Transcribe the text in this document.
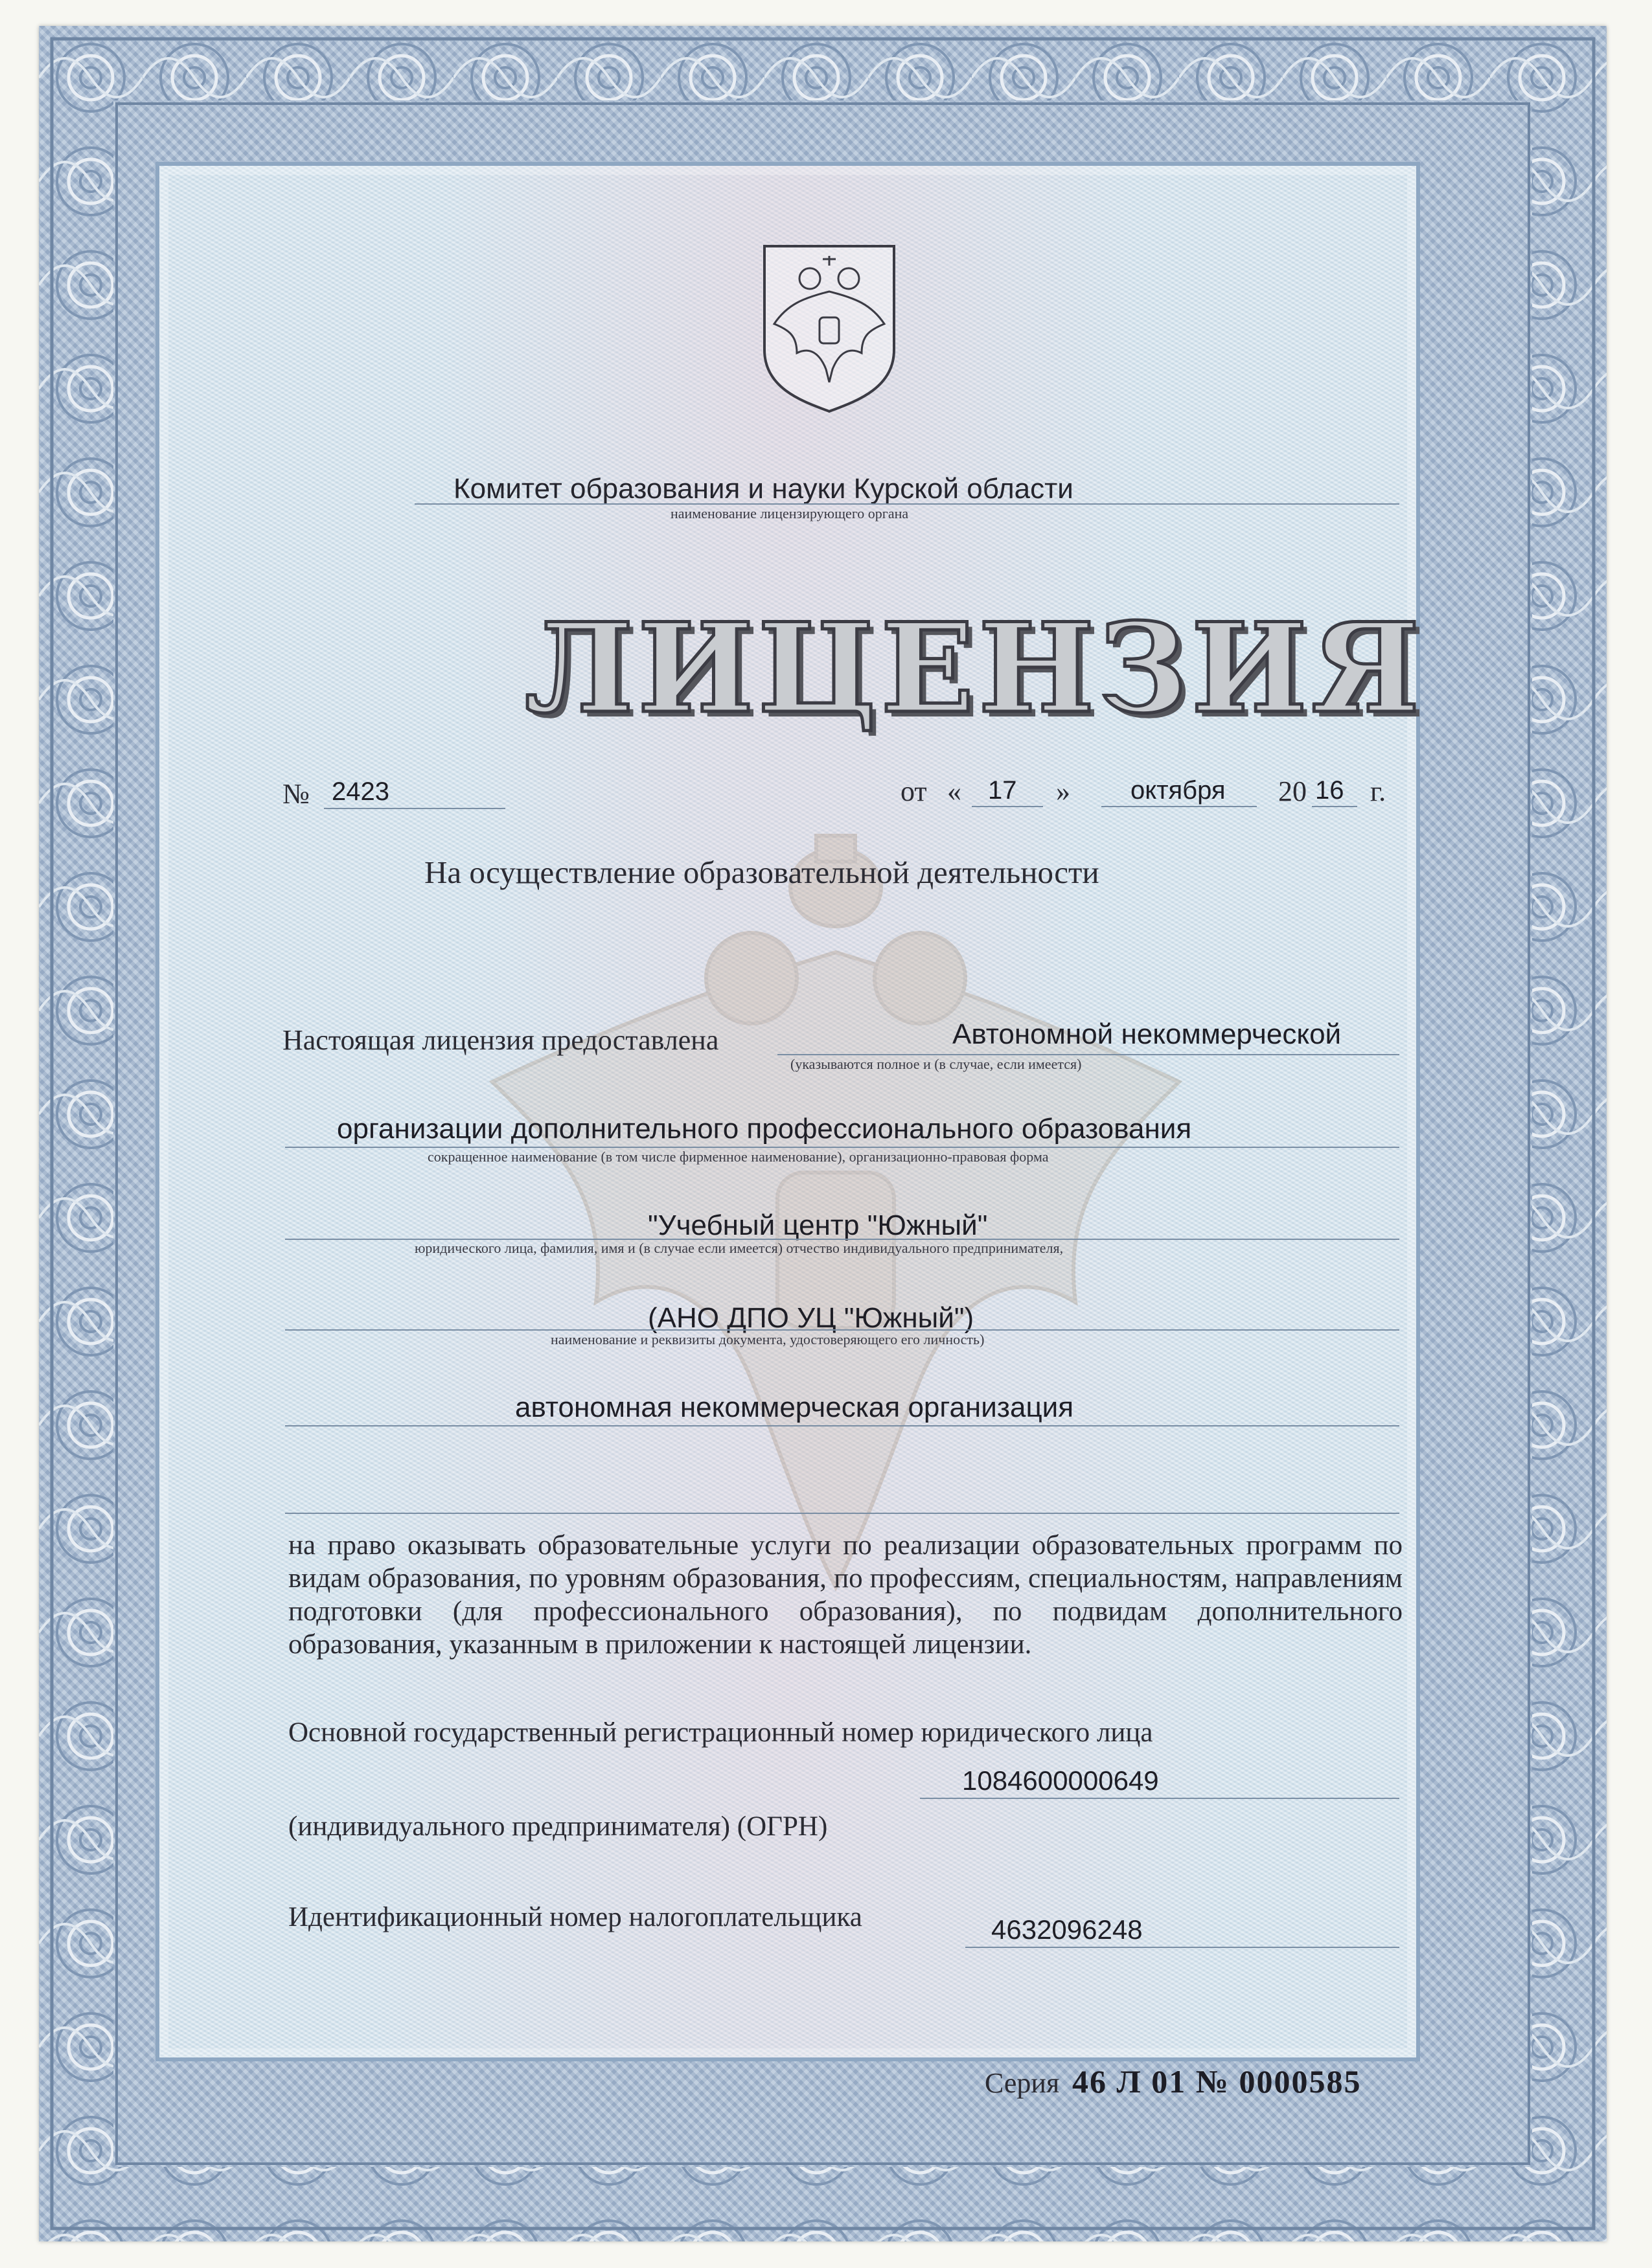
Комитет образования и науки Курской области
наименование лицензирующего органа
ЛИЦЕНЗИЯ
№ 2423	от « 17 » октября 20 16 г.
На осуществление образовательной деятельности
Настоящая лицензия предоставлена	Автономной некоммерческой
(указываются полное и (в случае, если имеется)
организации дополнительного профессионального образования
сокращенное наименование (в том числе фирменное наименование), организационно-правовая форма
"Учебный центр "Южный"
юридического лица, фамилия, имя и (в случае если имеется) отчество индивидуального предпринимателя,
(АНО ДПО УЦ "Южный")
наименование и реквизиты документа, удостоверяющего его личность)
автономная некоммерческая организация
на право оказывать образовательные услуги по реализации образовательных программ по видам образования, по уровням образования, по профессиям, специальностям, направлениям подготовки (для профессионального образования), по подвидам дополнительного образования, указанным в приложении к настоящей лицензии.
Основной государственный регистрационный номер юридического лица
1084600000649
(индивидуального предпринимателя) (ОГРН)
Идентификационный номер налогоплательщика	4632096248
Серия 46 Л 01 № 0000585
